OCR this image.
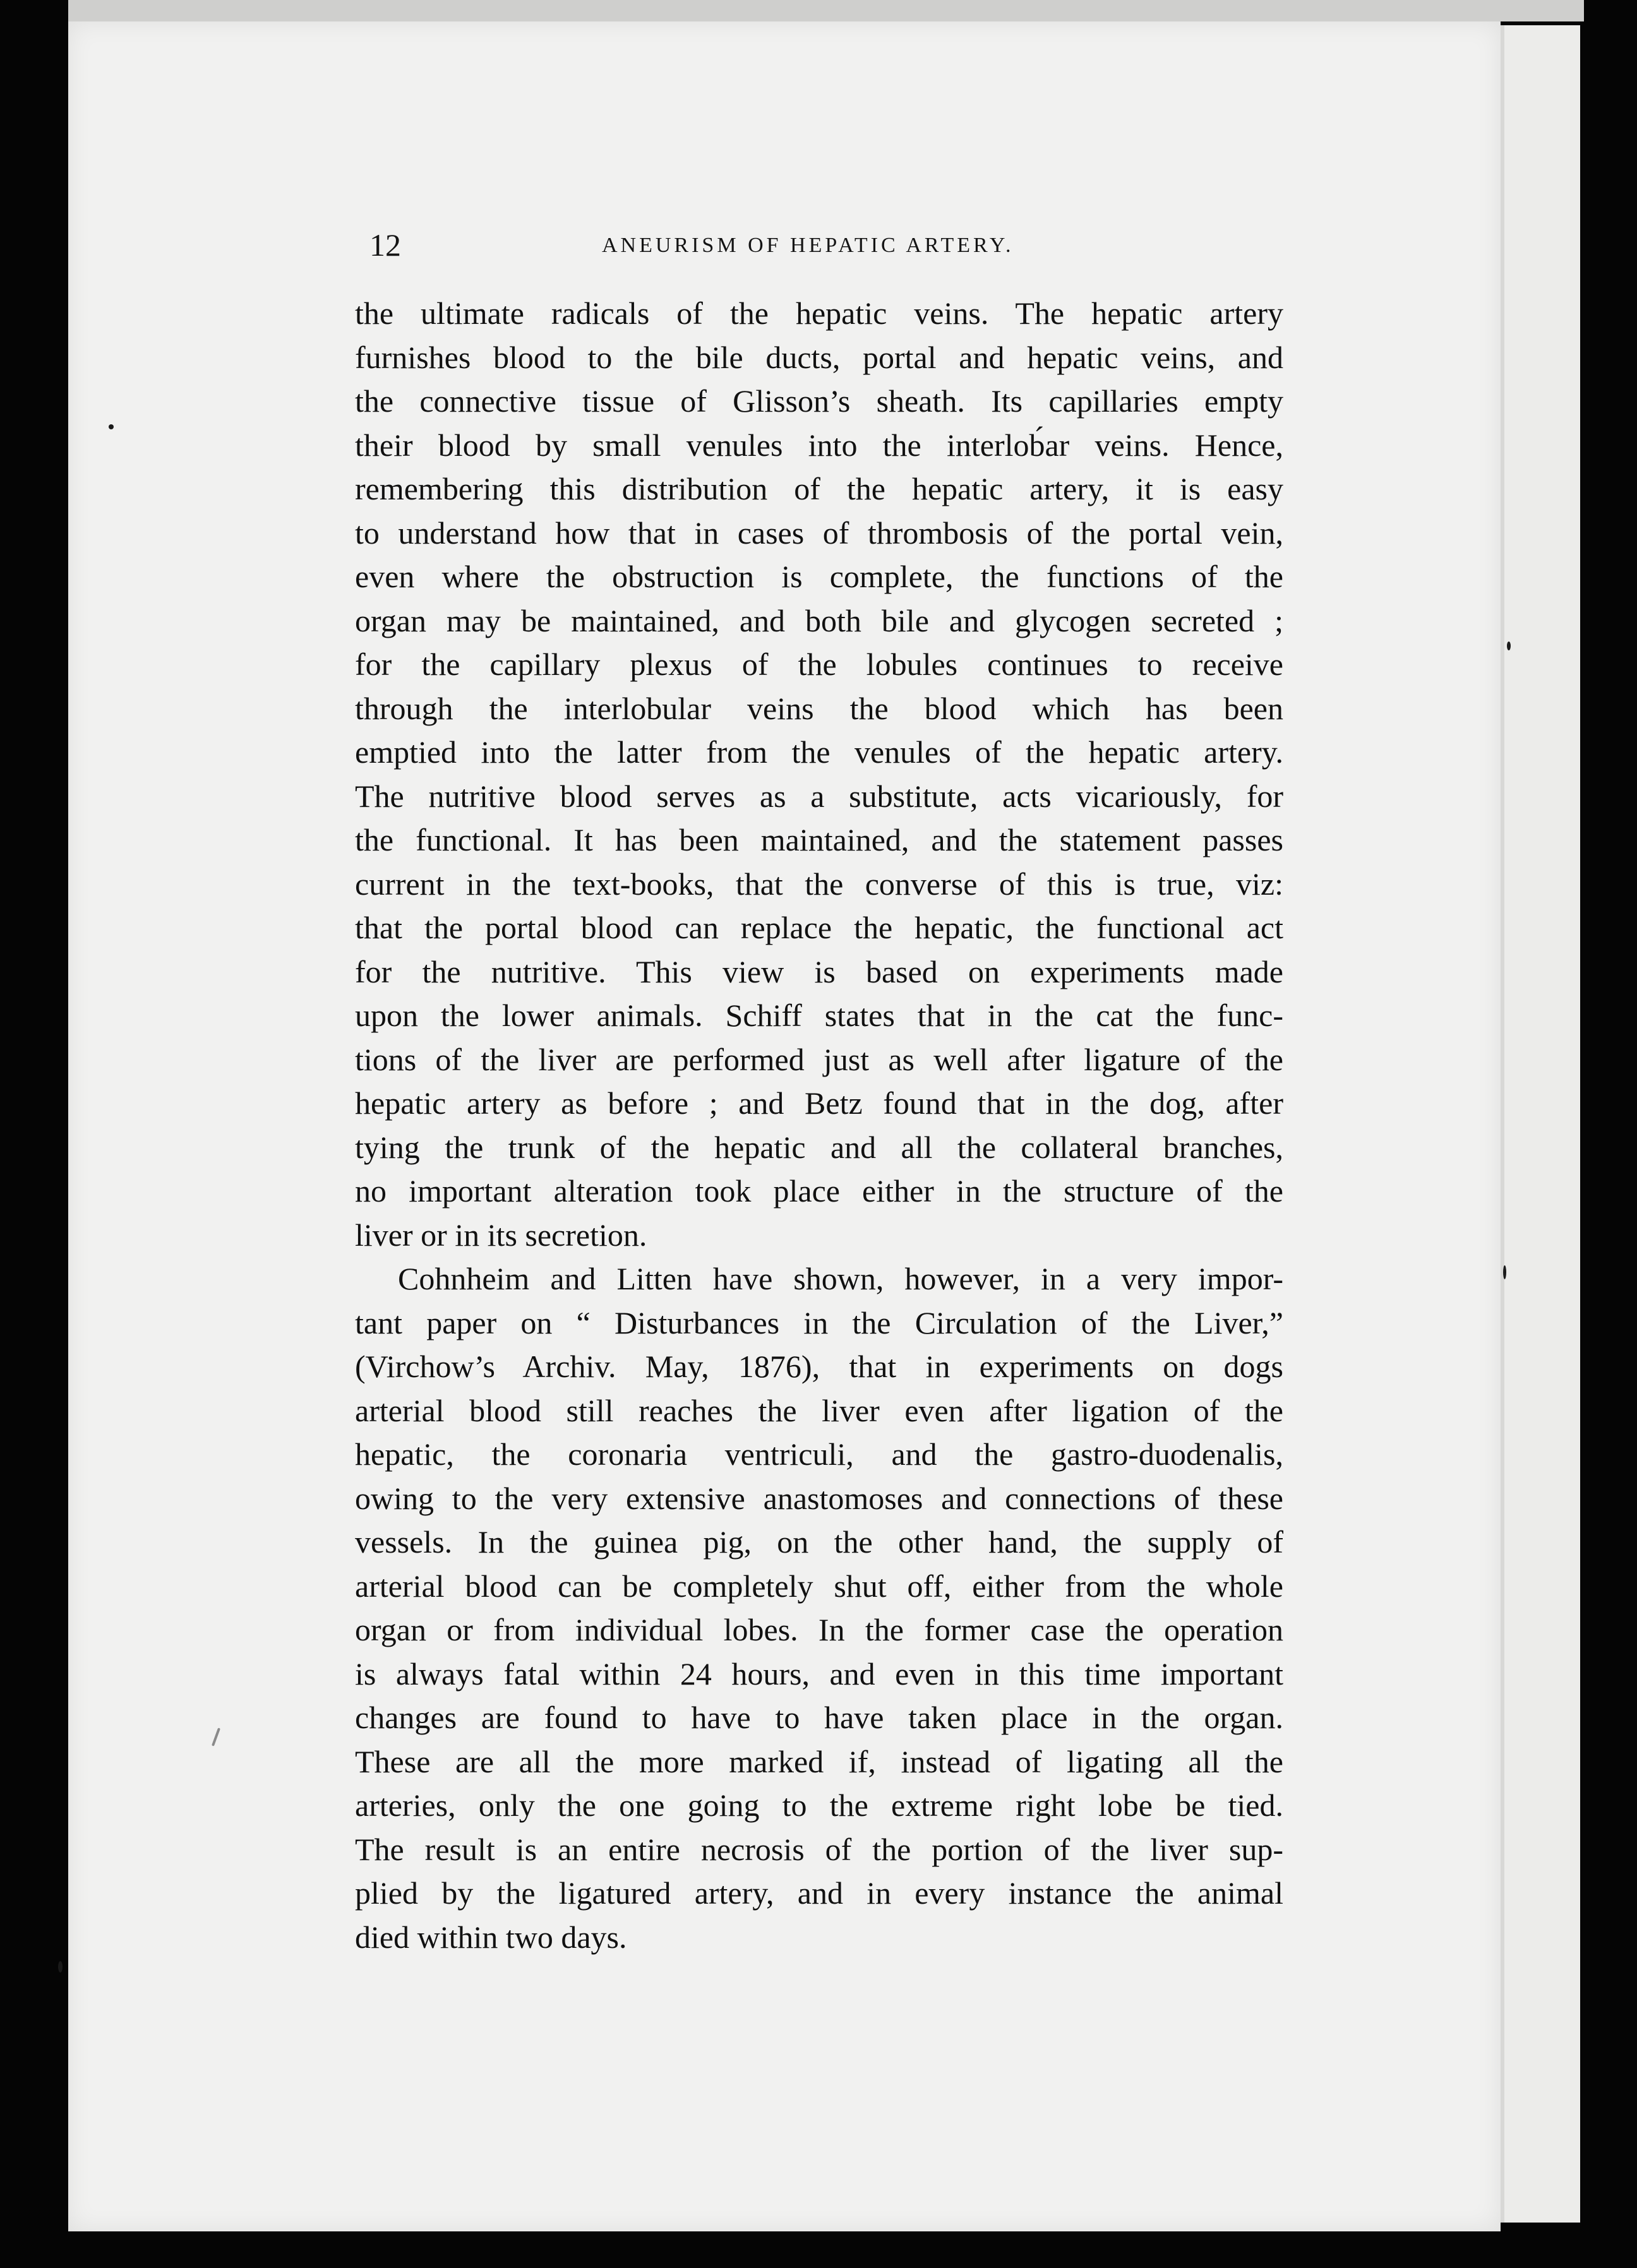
12	ANEURISM OF HEPATIC ARTERY.
the ultimate radicals of the hepatic veins. The hepatic artery
furnishes blood to the bile ducts, portal and hepatic veins, and
the connective tissue of Glisson’s sheath. Its capillaries empty
their blood by small venules into the interlob́ar veins. Hence,
remembering this distribution of the hepatic artery, it is easy
to understand how that in cases of thrombosis of the portal vein,
even where the obstruction is complete, the functions of the
organ may be maintained, and both bile and glycogen secreted ;
for the capillary plexus of the lobules continues to receive
through the interlobular veins the blood which has been
emptied into the latter from the venules of the hepatic artery.
The nutritive blood serves as a substitute, acts vicariously, for
the functional. It has been maintained, and the statement passes
current in the text-books, that the converse of this is true, viz:
that the portal blood can replace the hepatic, the functional act
for the nutritive. This view is based on experiments made
upon the lower animals. Schiff states that in the cat the func-
tions of the liver are performed just as well after ligature of the
hepatic artery as before ; and Betz found that in the dog, after
tying the trunk of the hepatic and all the collateral branches,
no important alteration took place either in the structure of the
liver or in its secretion.
Cohnheim and Litten have shown, however, in a very impor-
tant paper on “ Disturbances in the Circulation of the Liver,”
(Virchow’s Archiv. May, 1876), that in experiments on dogs
arterial blood still reaches the liver even after ligation of the
hepatic, the coronaria ventriculi, and the gastro-duodenalis,
owing to the very extensive anastomoses and connections of these
vessels. In the guinea pig, on the other hand, the supply of
arterial blood can be completely shut off, either from the whole
organ or from individual lobes. In the former case the operation
is always fatal within 24 hours, and even in this time important
changes are found to have to have taken place in the organ.
These are all the more marked if, instead of ligating all the
arteries, only the one going to the extreme right lobe be tied.
The result is an entire necrosis of the portion of the liver sup-
plied by the ligatured artery, and in every instance the animal
died within two days.
